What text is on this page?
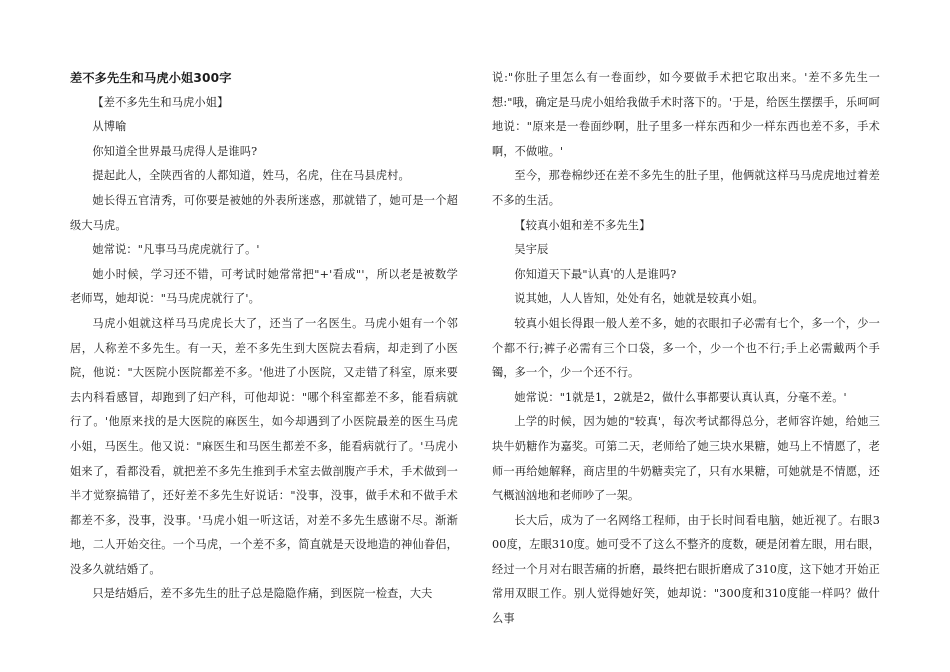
差不多先生和马虎小姐300字

【差不多先生和马虎小姐】

从博喻

你知道全世界最马虎得人是谁吗?

提起此人，全陕西省的人都知道，姓马，名虎，住在马县虎村。

她长得五官清秀，可你要是被她的外表所迷惑，那就错了，她可是一个超级大马虎。

她常说："凡事马马虎虎就行了。'

她小时候，学习还不错，可考试时她常常把"+'看成"'，所以老是被数学老师骂，她却说："马马虎虎就行了'。

马虎小姐就这样马马虎虎长大了，还当了一名医生。马虎小姐有一个邻居，人称差不多先生。有一天，差不多先生到大医院去看病，却走到了小医院，他说："大医院小医院都差不多。'他进了小医院，又走错了科室，原来要去内科看感冒，却跑到了妇产科，可他却说："哪个科室都差不多，能看病就行了。'他原来找的是大医院的麻医生，如今却遇到了小医院最差的医生马虎小姐，马医生。他又说："麻医生和马医生都差不多，能看病就行了。'马虎小姐来了，看都没看，就把差不多先生推到手术室去做剖腹产手术，手术做到一半才觉察搞错了，还好差不多先生好说话："没事，没事，做手术和不做手术都差不多，没事，没事。'马虎小姐一听这话，对差不多先生感谢不尽。渐渐地，二人开始交往。一个马虎，一个差不多，简直就是天设地造的神仙眷侣，没多久就结婚了。

只是结婚后，差不多先生的肚子总是隐隐作痛，到医院一检查，大夫

说:"你肚子里怎么有一卷面纱，如今要做手术把它取出来。'差不多先生一想:"哦，确定是马虎小姐给我做手术时落下的。'于是，给医生摆摆手，乐呵呵地说："原来是一卷面纱啊，肚子里多一样东西和少一样东西也差不多，手术啊，不做啦。'

至今，那卷棉纱还在差不多先生的肚子里，他俩就这样马马虎虎地过着差不多的生活。

【较真小姐和差不多先生】

吴宇辰

你知道天下最"认真'的人是谁吗?

说其她，人人皆知，处处有名，她就是较真小姐。

较真小姐长得跟一般人差不多，她的衣眼扣子必需有七个，多一个，少一个都不行;裤子必需有三个口袋，多一个，少一个也不行;手上必需戴两个手镯，多一个，少一个还不行。

她常说："1就是1，2就是2，做什么事都要认真认真，分毫不差。'

上学的时候，因为她的"较真'，每次考试都得总分，老师容许她，给她三块牛奶糖作为嘉奖。可第二天，老师给了她三块水果糖，她马上不情愿了，老师一再给她解释，商店里的牛奶糖卖完了，只有水果糖，可她就是不情愿，还气概汹汹地和老师吵了一架。

长大后，成为了一名网络工程师，由于长时间看电脑，她近视了。右眼300度，左眼310度。她可受不了这么不整齐的度数，硬是闭着左眼，用右眼，经过一个月对右眼苦痛的折磨，最终把右眼折磨成了310度，这下她才开始正常用双眼工作。别人觉得她好笑，她却说："300度和310度能一样吗？做什么事
